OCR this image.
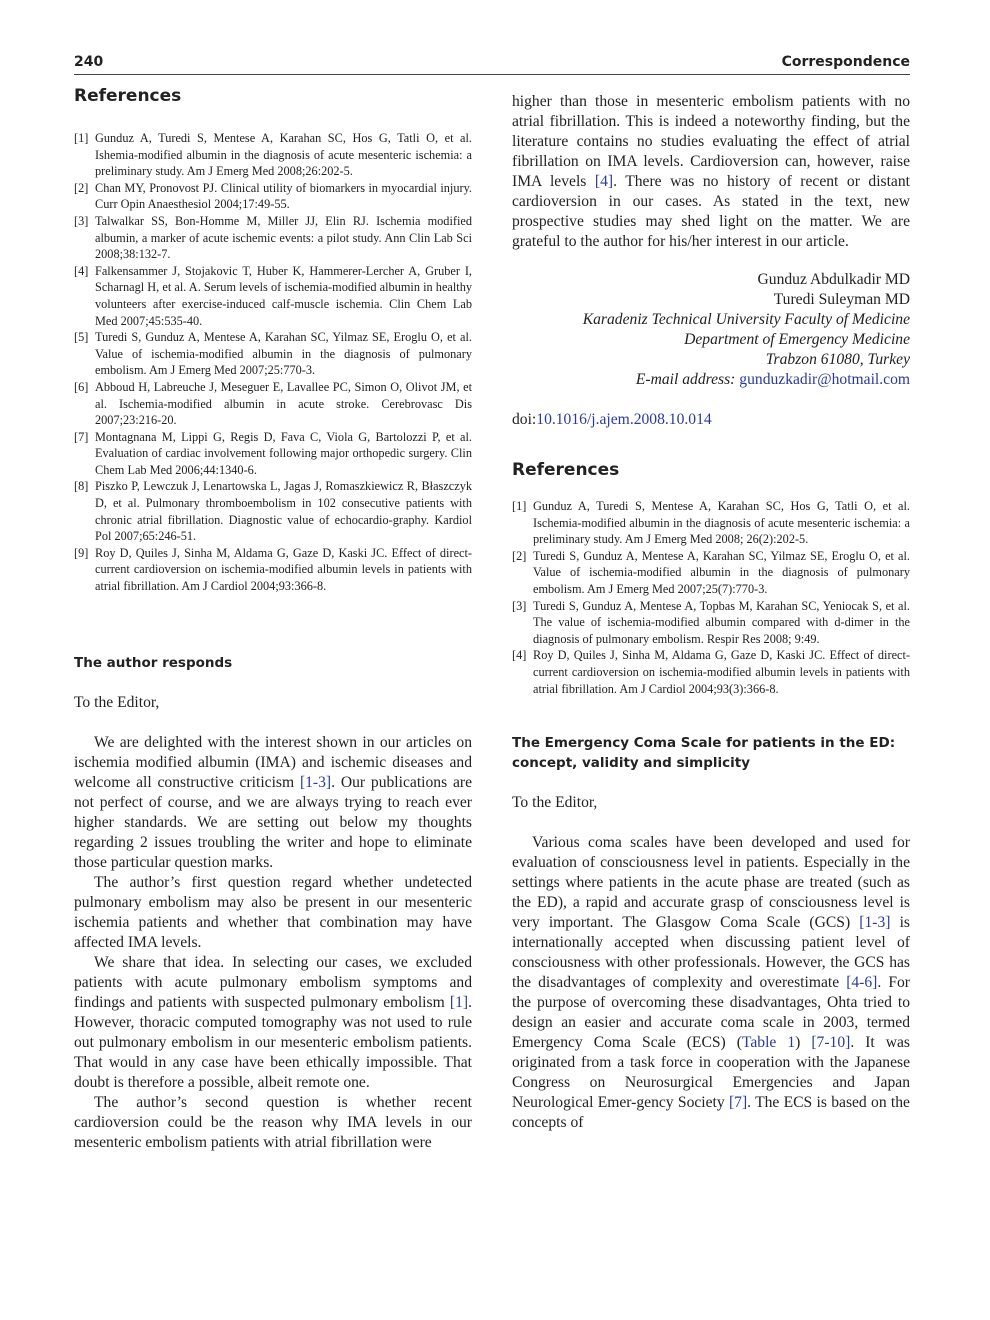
240	Correspondence
References
[1] Gunduz A, Turedi S, Mentese A, Karahan SC, Hos G, Tatli O, et al. Ishemia-modified albumin in the diagnosis of acute mesenteric ischemia: a preliminary study. Am J Emerg Med 2008;26:202-5.
[2] Chan MY, Pronovost PJ. Clinical utility of biomarkers in myocardial injury. Curr Opin Anaesthesiol 2004;17:49-55.
[3] Talwalkar SS, Bon-Homme M, Miller JJ, Elin RJ. Ischemia modified albumin, a marker of acute ischemic events: a pilot study. Ann Clin Lab Sci 2008;38:132-7.
[4] Falkensammer J, Stojakovic T, Huber K, Hammerer-Lercher A, Gruber I, Scharnagl H, et al. A. Serum levels of ischemia-modified albumin in healthy volunteers after exercise-induced calf-muscle ischemia. Clin Chem Lab Med 2007;45:535-40.
[5] Turedi S, Gunduz A, Mentese A, Karahan SC, Yilmaz SE, Eroglu O, et al. Value of ischemia-modified albumin in the diagnosis of pulmonary embolism. Am J Emerg Med 2007;25:770-3.
[6] Abboud H, Labreuche J, Meseguer E, Lavallee PC, Simon O, Olivot JM, et al. Ischemia-modified albumin in acute stroke. Cerebrovasc Dis 2007;23:216-20.
[7] Montagnana M, Lippi G, Regis D, Fava C, Viola G, Bartolozzi P, et al. Evaluation of cardiac involvement following major orthopedic surgery. Clin Chem Lab Med 2006;44:1340-6.
[8] Piszko P, Lewczuk J, Lenartowska L, Jagas J, Romaszkiewicz R, Błaszczyk D, et al. Pulmonary thromboembolism in 102 consecutive patients with chronic atrial fibrillation. Diagnostic value of echocardio-graphy. Kardiol Pol 2007;65:246-51.
[9] Roy D, Quiles J, Sinha M, Aldama G, Gaze D, Kaski JC. Effect of direct-current cardioversion on ischemia-modified albumin levels in patients with atrial fibrillation. Am J Cardiol 2004;93:366-8.
The author responds

To the Editor,

We are delighted with the interest shown in our articles on ischemia modified albumin (IMA) and ischemic diseases and welcome all constructive criticism [1-3]. Our publications are not perfect of course, and we are always trying to reach ever higher standards. We are setting out below my thoughts regarding 2 issues troubling the writer and hope to eliminate those particular question marks.

The author’s first question regard whether undetected pulmonary embolism may also be present in our mesenteric ischemia patients and whether that combination may have affected IMA levels.

We share that idea. In selecting our cases, we excluded patients with acute pulmonary embolism symptoms and findings and patients with suspected pulmonary embolism [1]. However, thoracic computed tomography was not used to rule out pulmonary embolism in our mesenteric embolism patients. That would in any case have been ethically impossible. That doubt is therefore a possible, albeit remote one.

The author’s second question is whether recent cardioversion could be the reason why IMA levels in our mesenteric embolism patients with atrial fibrillation were

higher than those in mesenteric embolism patients with no atrial fibrillation. This is indeed a noteworthy finding, but the literature contains no studies evaluating the effect of atrial fibrillation on IMA levels. Cardioversion can, however, raise IMA levels [4]. There was no history of recent or distant cardioversion in our cases. As stated in the text, new prospective studies may shed light on the matter. We are grateful to the author for his/her interest in our article.

Gunduz Abdulkadir MD
Turedi Suleyman MD
Karadeniz Technical University Faculty of Medicine
Department of Emergency Medicine
Trabzon 61080, Turkey
E-mail address: gunduzkadir@hotmail.com
doi:10.1016/j.ajem.2008.10.014
References
[1] Gunduz A, Turedi S, Mentese A, Karahan SC, Hos G, Tatli O, et al. Ischemia-modified albumin in the diagnosis of acute mesenteric ischemia: a preliminary study. Am J Emerg Med 2008; 26(2):202-5.
[2] Turedi S, Gunduz A, Mentese A, Karahan SC, Yilmaz SE, Eroglu O, et al. Value of ischemia-modified albumin in the diagnosis of pulmonary embolism. Am J Emerg Med 2007;25(7):770-3.
[3] Turedi S, Gunduz A, Mentese A, Topbas M, Karahan SC, Yeniocak S, et al. The value of ischemia-modified albumin compared with d-dimer in the diagnosis of pulmonary embolism. Respir Res 2008; 9:49.
[4] Roy D, Quiles J, Sinha M, Aldama G, Gaze D, Kaski JC. Effect of direct-current cardioversion on ischemia-modified albumin levels in patients with atrial fibrillation. Am J Cardiol 2004;93(3):366-8.
The Emergency Coma Scale for patients in the ED: concept, validity and simplicity

To the Editor,

Various coma scales have been developed and used for evaluation of consciousness level in patients. Especially in the settings where patients in the acute phase are treated (such as the ED), a rapid and accurate grasp of consciousness level is very important. The Glasgow Coma Scale (GCS) [1-3] is internationally accepted when discussing patient level of consciousness with other professionals. However, the GCS has the disadvantages of complexity and overestimate [4-6]. For the purpose of overcoming these disadvantages, Ohta tried to design an easier and accurate coma scale in 2003, termed Emergency Coma Scale (ECS) (Table 1) [7-10]. It was originated from a task force in cooperation with the Japanese Congress on Neurosurgical Emergencies and Japan Neurological Emer-gency Society [7]. The ECS is based on the concepts of
